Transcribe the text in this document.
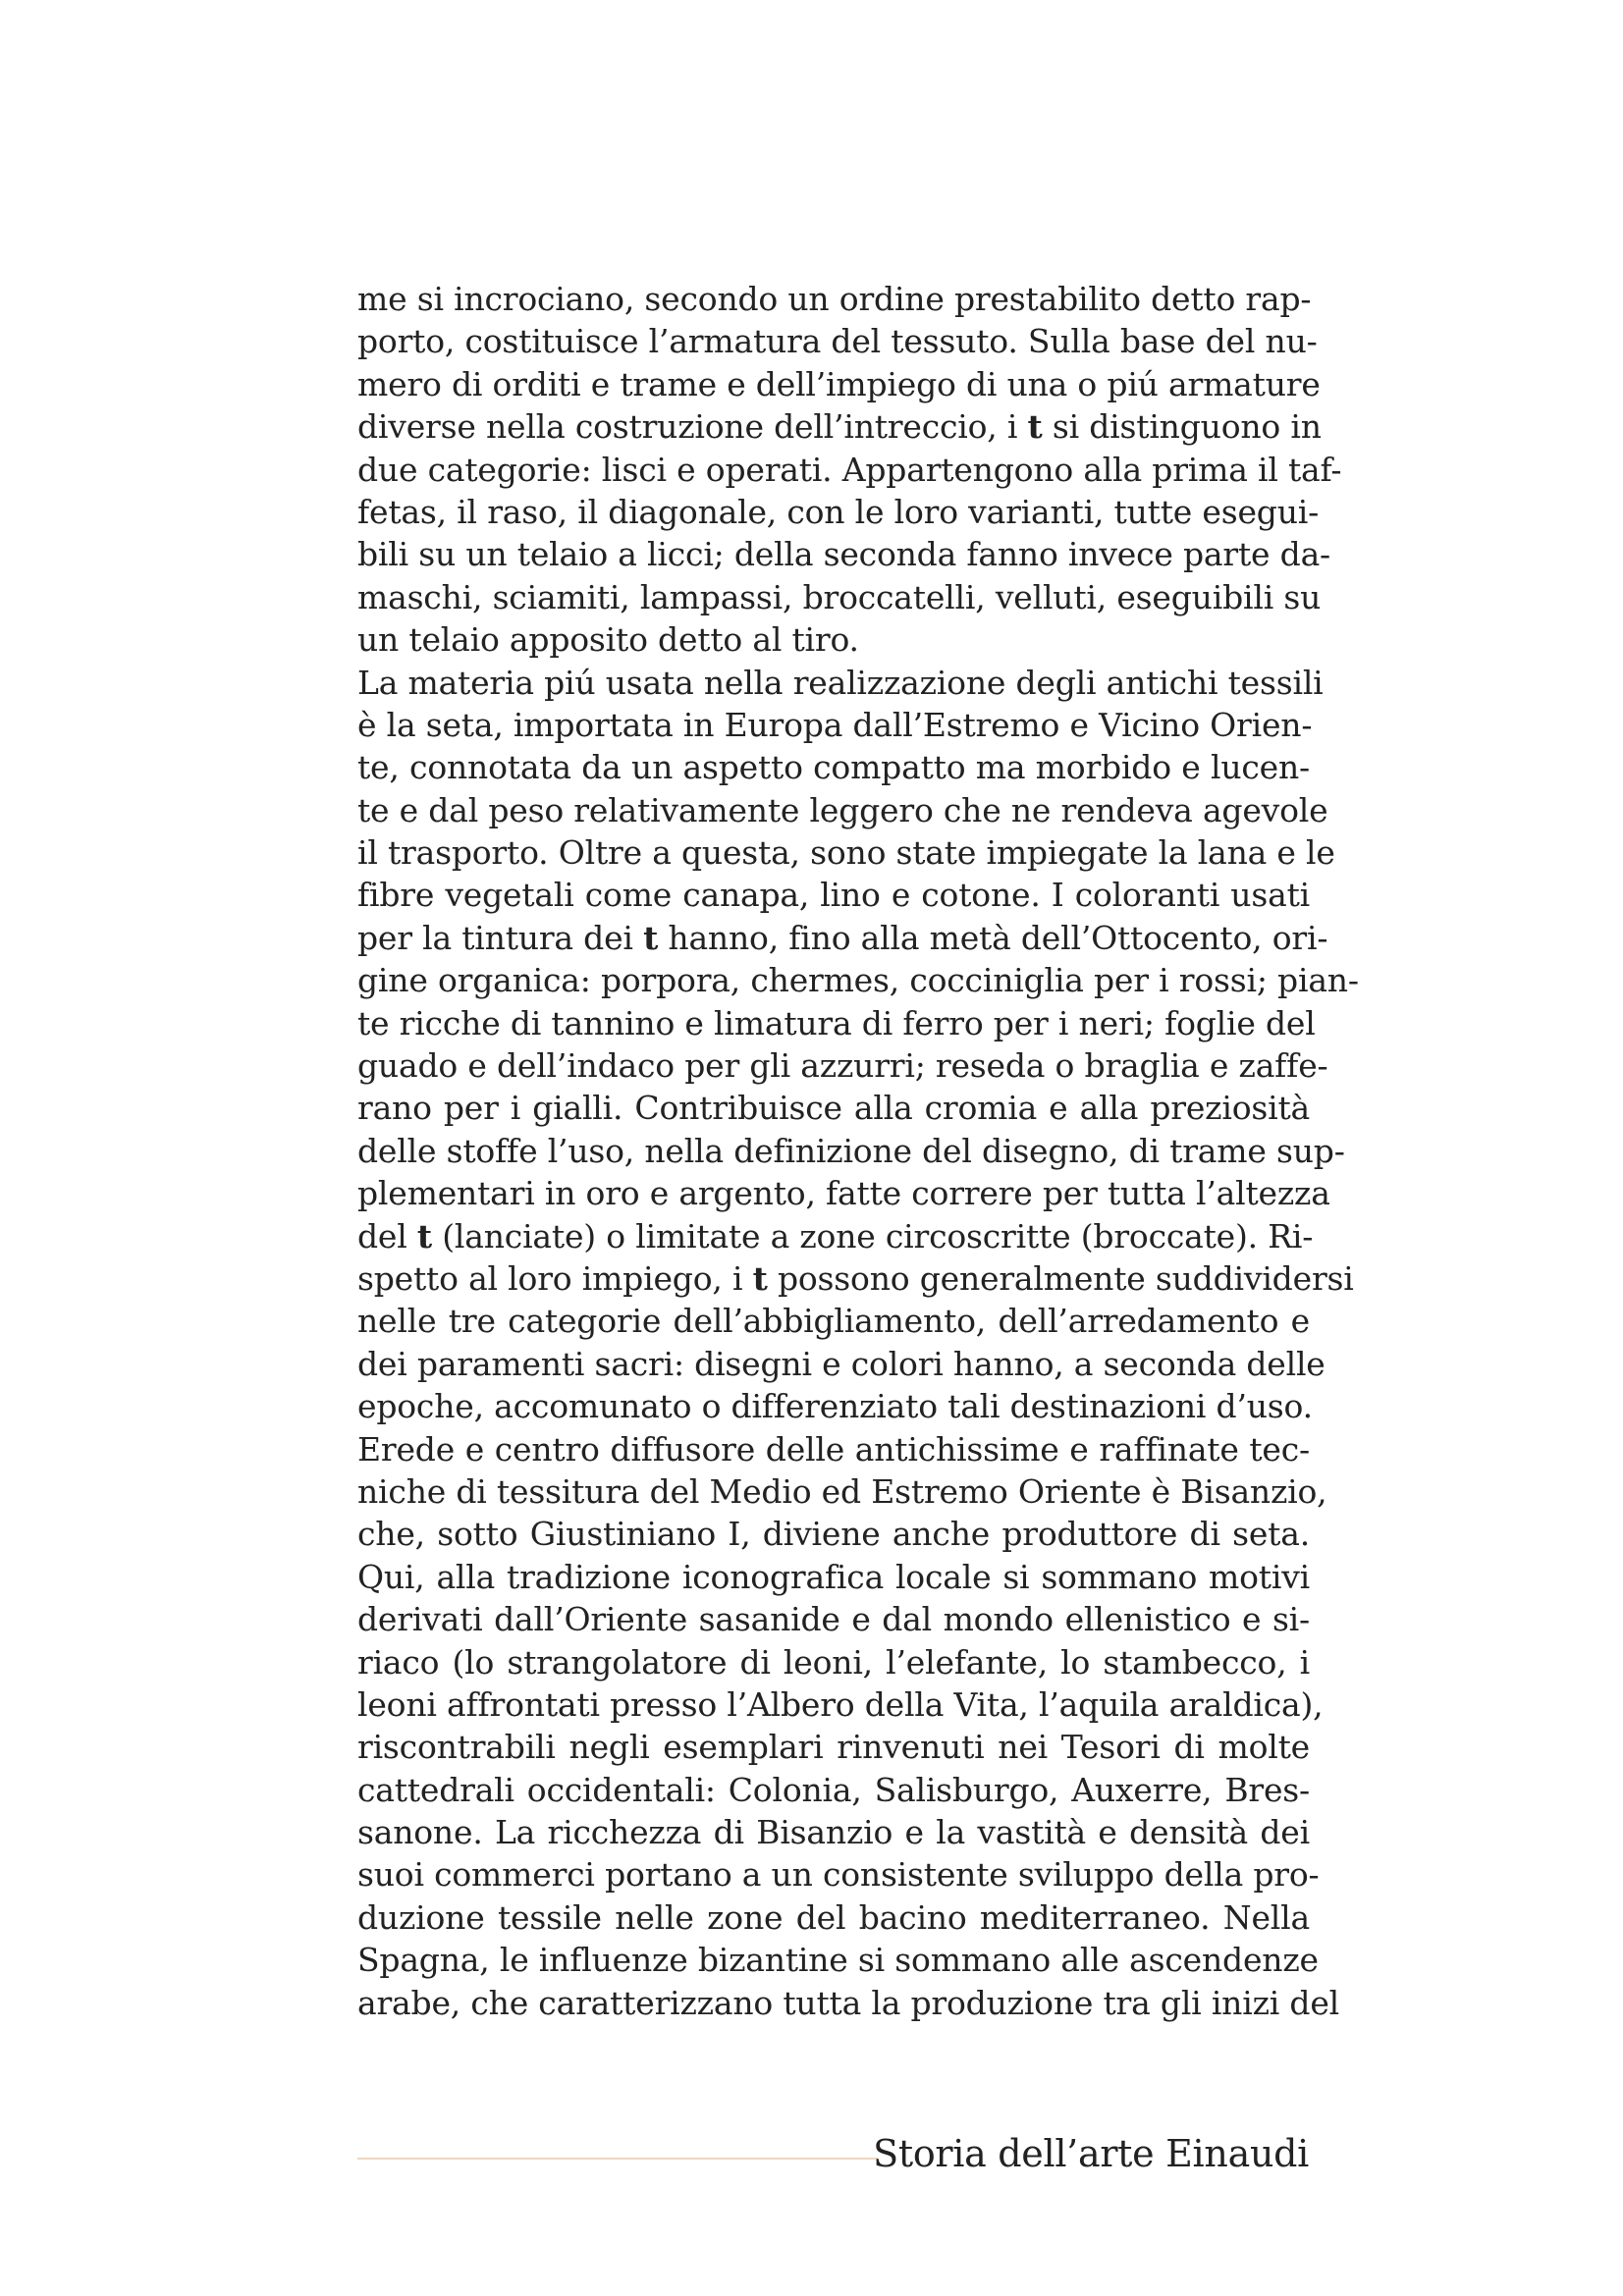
me si incrociano, secondo un ordine prestabilito detto rap-
porto, costituisce l’armatura del tessuto. Sulla base del nu-
mero di orditi e trame e dell’impiego di una o piú armature
diverse nella costruzione dell’intreccio, i t si distinguono in
due categorie: lisci e operati. Appartengono alla prima il taf-
fetas, il raso, il diagonale, con le loro varianti, tutte esegui-
bili su un telaio a licci; della seconda fanno invece parte da-
maschi, sciamiti, lampassi, broccatelli, velluti, eseguibili su
un telaio apposito detto al tiro.
La materia piú usata nella realizzazione degli antichi tessili
è la seta, importata in Europa dall’Estremo e Vicino Orien-
te, connotata da un aspetto compatto ma morbido e lucen-
te e dal peso relativamente leggero che ne rendeva agevole
il trasporto. Oltre a questa, sono state impiegate la lana e le
fibre vegetali come canapa, lino e cotone. I coloranti usati
per la tintura dei t hanno, fino alla metà dell’Ottocento, ori-
gine organica: porpora, chermes, cocciniglia per i rossi; pian-
te ricche di tannino e limatura di ferro per i neri; foglie del
guado e dell’indaco per gli azzurri; reseda o braglia e zaffe-
rano per i gialli. Contribuisce alla cromia e alla preziosità
delle stoffe l’uso, nella definizione del disegno, di trame sup-
plementari in oro e argento, fatte correre per tutta l’altezza
del t (lanciate) o limitate a zone circoscritte (broccate). Ri-
spetto al loro impiego, i t possono generalmente suddividersi
nelle tre categorie dell’abbigliamento, dell’arredamento e
dei paramenti sacri: disegni e colori hanno, a seconda delle
epoche, accomunato o differenziato tali destinazioni d’uso.
Erede e centro diffusore delle antichissime e raffinate tec-
niche di tessitura del Medio ed Estremo Oriente è Bisanzio,
che, sotto Giustiniano I, diviene anche produttore di seta.
Qui, alla tradizione iconografica locale si sommano motivi
derivati dall’Oriente sasanide e dal mondo ellenistico e si-
riaco (lo strangolatore di leoni, l’elefante, lo stambecco, i
leoni affrontati presso l’Albero della Vita, l’aquila araldica),
riscontrabili negli esemplari rinvenuti nei Tesori di molte
cattedrali occidentali: Colonia, Salisburgo, Auxerre, Bres-
sanone. La ricchezza di Bisanzio e la vastità e densità dei
suoi commerci portano a un consistente sviluppo della pro-
duzione tessile nelle zone del bacino mediterraneo. Nella
Spagna, le influenze bizantine si sommano alle ascendenze
arabe, che caratterizzano tutta la produzione tra gli inizi del
Storia dell’arte Einaudi
